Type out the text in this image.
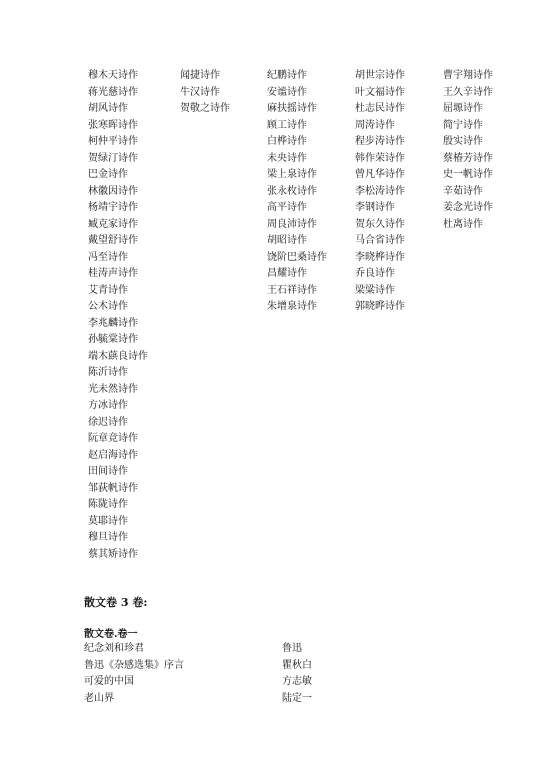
穆木天诗作
蒋光慈诗作
胡风诗作
张寒晖诗作
柯仲平诗作
贺绿汀诗作
巴金诗作
林徽因诗作
杨靖宇诗作
臧克家诗作
戴望舒诗作
冯至诗作
桂涛声诗作
艾青诗作
公木诗作
李兆麟诗作
孙毓棠诗作
端木蕻良诗作
陈沂诗作
光未然诗作
方冰诗作
徐迟诗作
阮章竞诗作
赵启海诗作
田间诗作
邹荻帆诗作
陈陇诗作
莫耶诗作
穆旦诗作
蔡其矫诗作
闻捷诗作
牛汉诗作
贺敬之诗作
纪鹏诗作
安谧诗作
麻扶摇诗作
顾工诗作
白桦诗作
未央诗作
梁上泉诗作
张永枚诗作
高平诗作
周良沛诗作
胡昭诗作
饶阶巴桑诗作
昌耀诗作
王石祥诗作
朱增泉诗作
胡世宗诗作
叶文福诗作
杜志民诗作
周涛诗作
程步涛诗作
韩作荣诗作
曾凡华诗作
李松涛诗作
李钢诗作
贺东久诗作
马合省诗作
李晓桦诗作
乔良诗作
梁粱诗作
郭晓晔诗作
曹宇翔诗作
王久辛诗作
屈塬诗作
简宁诗作
殷实诗作
蔡椿芳诗作
史一帆诗作
辛茹诗作
姜念光诗作
杜离诗作
散文卷 3 卷:
散文卷.卷一
纪念刘和珍君	鲁迅
鲁迅《杂感选集》序言	瞿秋白
可爱的中国	方志敏
老山界	陆定一
